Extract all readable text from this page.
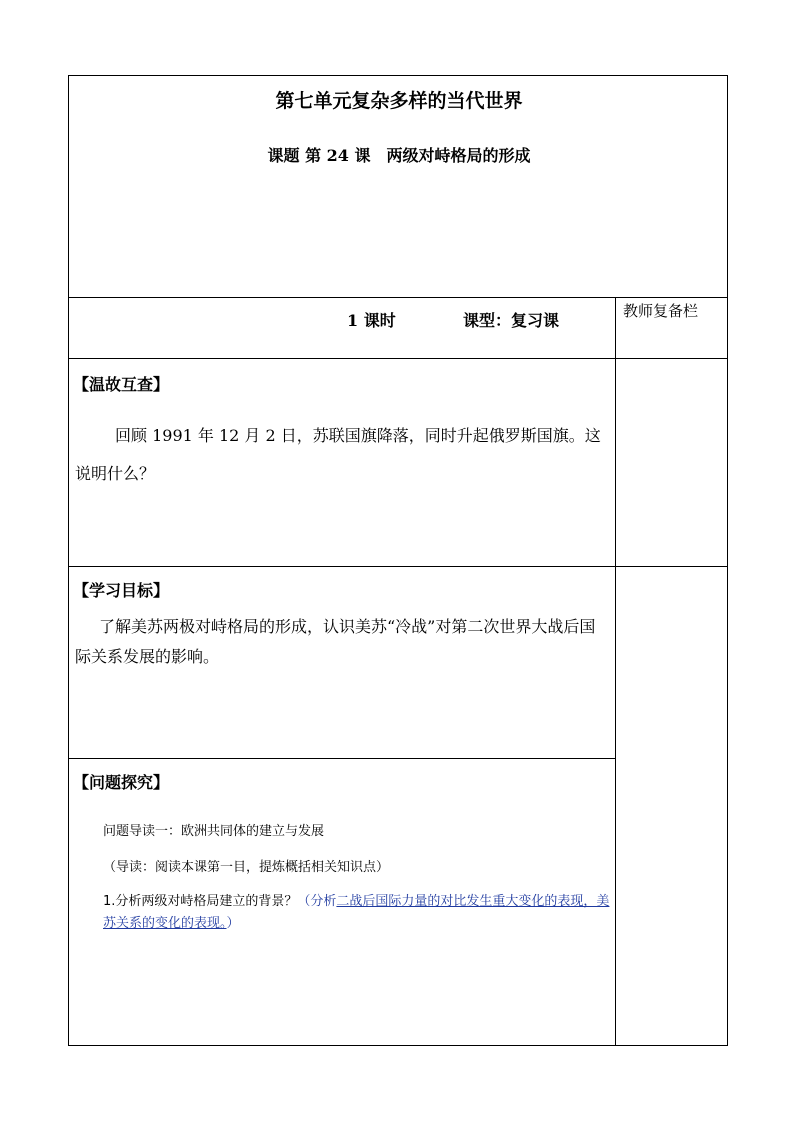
第七单元复杂多样的当代世界
课题 第 24 课　两级对峙格局的形成
1 课时	课型：复习课	教师复备栏
【温故互查】
回顾 1991 年 12 月 2 日，苏联国旗降落，同时升起俄罗斯国旗。这说明什么？
【学习目标】
了解美苏两极对峙格局的形成，认识美苏“冷战”对第二次世界大战后国际关系发展的影响。
【问题探究】
问题导读一：欧洲共同体的建立与发展
（导读：阅读本课第一目，提炼概括相关知识点）
1.分析两级对峙格局建立的背景？（分析二战后国际力量的对比发生重大变化的表现，美苏关系的变化的表现。）
